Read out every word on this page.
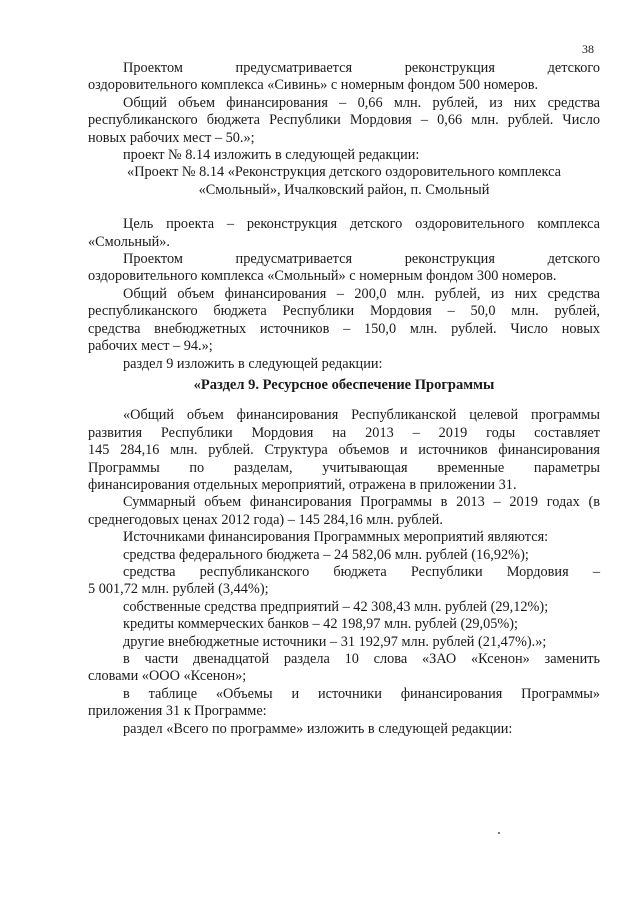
38

Проектом предусматривается реконструкция детского

оздоровительного комплекса «Сивинь» с номерным фондом 500 номеров.

Общий объем финансирования – 0,66 млн. рублей, из них средства

республиканского бюджета Республики Мордовия – 0,66 млн. рублей. Число

новых рабочих мест – 50.»;

проект № 8.14 изложить в следующей редакции:

«Проект № 8.14 «Реконструкция детского оздоровительного комплекса

«Смольный», Ичалковский район, п. Смольный

Цель проекта – реконструкция детского оздоровительного комплекса

«Смольный».

Проектом предусматривается реконструкция детского

оздоровительного комплекса «Смольный» с номерным фондом 300 номеров.

Общий объем финансирования – 200,0 млн. рублей, из них средства

республиканского бюджета Республики Мордовия – 50,0 млн. рублей,

средства внебюджетных источников – 150,0 млн. рублей. Число новых

рабочих мест – 94.»;

раздел 9 изложить в следующей редакции:

«Раздел 9. Ресурсное обеспечение Программы

«Общий объем финансирования Республиканской целевой программы

развития Республики Мордовия на 2013 – 2019 годы составляет

145 284,16 млн. рублей. Структура объемов и источников финансирования

Программы по разделам, учитывающая временные параметры

финансирования отдельных мероприятий, отражена в приложении 31.

Суммарный объем финансирования Программы в 2013 – 2019 годах (в

среднегодовых ценах 2012 года) – 145 284,16 млн. рублей.

Источниками финансирования Программных мероприятий являются:

средства федерального бюджета – 24 582,06 млн. рублей (16,92%);

средства республиканского бюджета Республики Мордовия –

5 001,72 млн. рублей (3,44%);

собственные средства предприятий – 42 308,43 млн. рублей (29,12%);

кредиты коммерческих банков – 42 198,97 млн. рублей (29,05%);

другие внебюджетные источники – 31 192,97 млн. рублей (21,47%).»;

в части двенадцатой раздела 10 слова «ЗАО «Ксенон» заменить

словами «ООО «Ксенон»;

в таблице «Объемы и источники финансирования Программы»

приложения 31 к Программе:

раздел «Всего по программе» изложить в следующей редакции:
